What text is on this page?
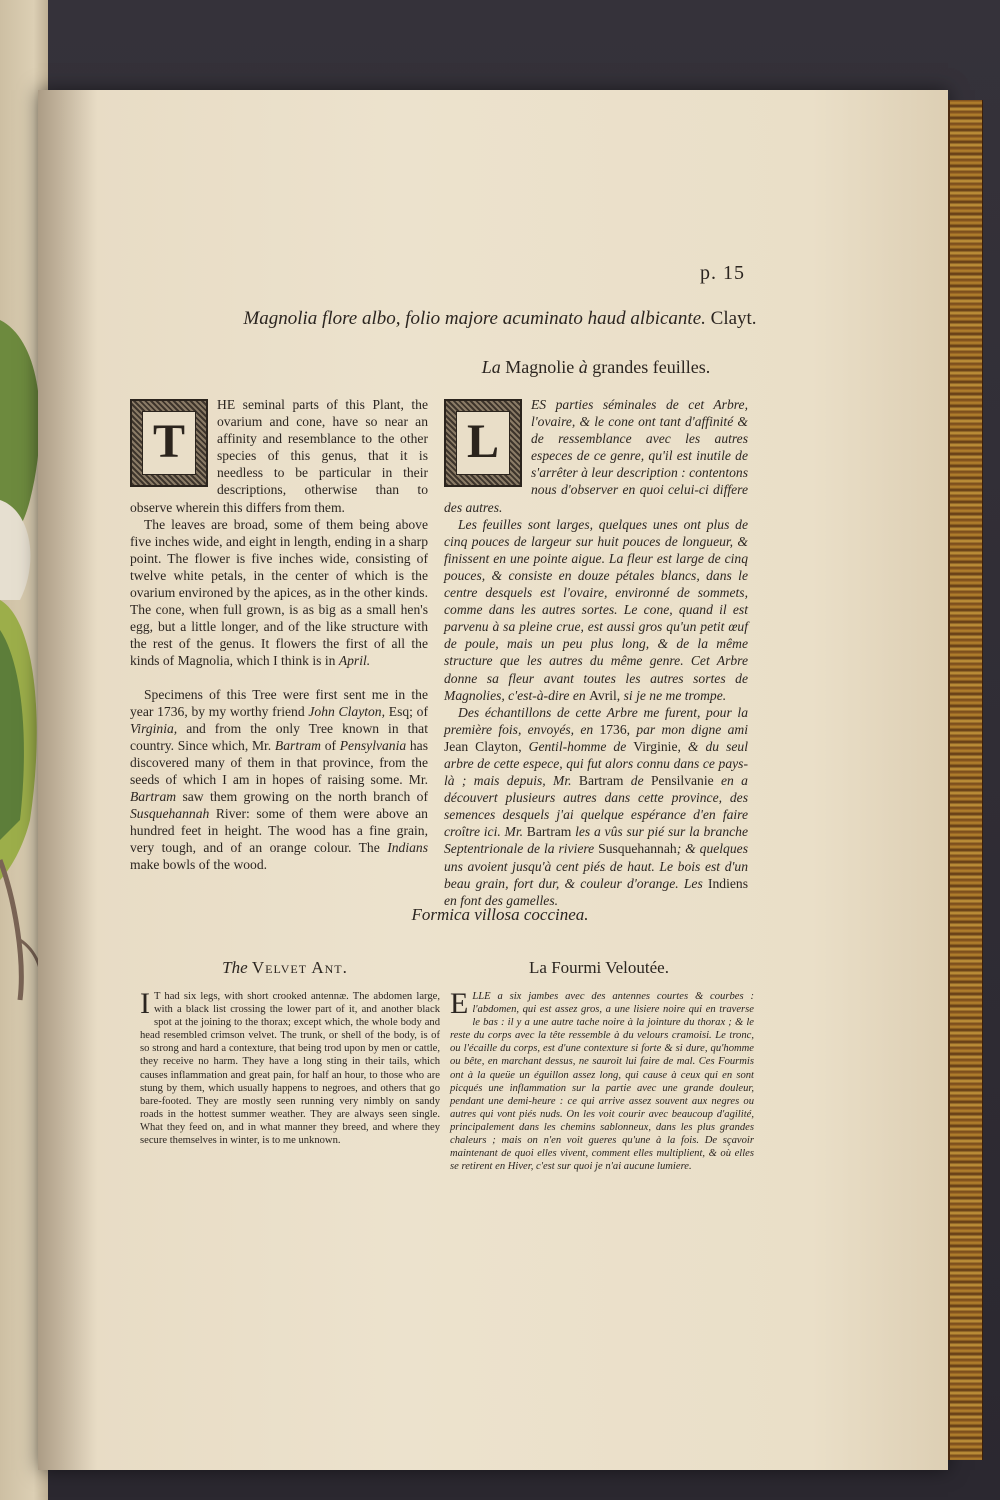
p. 15
Magnolia flore albo, folio majore acuminato haud albicante. Clayt.
La Magnolie à grandes feuilles.
T

HE seminal parts of this Plant, the ovarium and cone, have so near an affinity and resemblance to the other species of this genus, that it is needless to be particular in their descriptions, otherwise than to observe wherein this differs from them.

The leaves are broad, some of them being above five inches wide, and eight in length, ending in a sharp point. The flower is five inches wide, consisting of twelve white petals, in the center of which is the ovarium environed by the apices, as in the other kinds. The cone, when full grown, is as big as a small hen's egg, but a little longer, and of the like structure with the rest of the genus. It flowers the first of all the kinds of Magnolia, which I think is in April.

Specimens of this Tree were first sent me in the year 1736, by my worthy friend John Clayton, Esq; of Virginia, and from the only Tree known in that country. Since which, Mr. Bartram of Pensylvania has discovered many of them in that province, from the seeds of which I am in hopes of raising some. Mr. Bartram saw them growing on the north branch of Susquehannah River: some of them were above an hundred feet in height. The wood has a fine grain, very tough, and of an orange colour. The Indians make bowls of the wood.

L

ES parties séminales de cet Arbre, l'ovaire, & le cone ont tant d'affinité & de ressemblance avec les autres especes de ce genre, qu'il est inutile de s'arrêter à leur description : contentons nous d'observer en quoi celui-ci differe des autres.

Les feuilles sont larges, quelques unes ont plus de cinq pouces de largeur sur huit pouces de longueur, & finissent en une pointe aigue. La fleur est large de cinq pouces, & consiste en douze pétales blancs, dans le centre desquels est l'ovaire, environné de sommets, comme dans les autres sortes. Le cone, quand il est parvenu à sa pleine crue, est aussi gros qu'un petit œuf de poule, mais un peu plus long, & de la même structure que les autres du même genre. Cet Arbre donne sa fleur avant toutes les autres sortes de Magnolies, c'est-à-dire en Avril, si je ne me trompe.

Des échantillons de cette Arbre me furent, pour la première fois, envoyés, en 1736, par mon digne ami Jean Clayton, Gentil-homme de Virginie, & du seul arbre de cette espece, qui fut alors connu dans ce pays-là ; mais depuis, Mr. Bartram de Pensilvanie en a découvert plusieurs autres dans cette province, des semences desquels j'ai quelque espérance d'en faire croître ici. Mr. Bartram les a vûs sur pié sur la branche Septentrionale de la riviere Susquehannah; & quelques uns avoient jusqu'à cent piés de haut. Le bois est d'un beau grain, fort dur, & couleur d'orange. Les Indiens en font des gamelles.

Formica villosa coccinea.
The Velvet Ant.	La Fourmi Veloutée.
I T had six legs, with short crooked antennæ. The abdomen large, with a black list crossing the lower part of it, and another black spot at the joining to the thorax; except which, the whole body and head resembled crimson velvet. The trunk, or shell of the body, is of so strong and hard a contexture, that being trod upon by men or cattle, they receive no harm. They have a long sting in their tails, which causes inflammation and great pain, for half an hour, to those who are stung by them, which usually happens to negroes, and others that go bare-footed. They are mostly seen running very nimbly on sandy roads in the hottest summer weather. They are always seen single. What they feed on, and in what manner they breed, and where they secure themselves in winter, is to me unknown.
E LLE a six jambes avec des antennes courtes & courbes : l'abdomen, qui est assez gros, a une lisiere noire qui en traverse le bas : il y a une autre tache noire à la jointure du thorax ; & le reste du corps avec la tête ressemble à du velours cramoisi. Le tronc, ou l'écaille du corps, est d'une contexture si forte & si dure, qu'homme ou bête, en marchant dessus, ne sauroit lui faire de mal. Ces Fourmis ont à la queüe un éguillon assez long, qui cause à ceux qui en sont picqués une inflammation sur la partie avec une grande douleur, pendant une demi-heure : ce qui arrive assez souvent aux negres ou autres qui vont piés nuds. On les voit courir avec beaucoup d'agilité, principalement dans les chemins sablonneux, dans les plus grandes chaleurs ; mais on n'en voit gueres qu'une à la fois. De sçavoir maintenant de quoi elles vivent, comment elles multiplient, & où elles se retirent en Hiver, c'est sur quoi je n'ai aucune lumiere.
